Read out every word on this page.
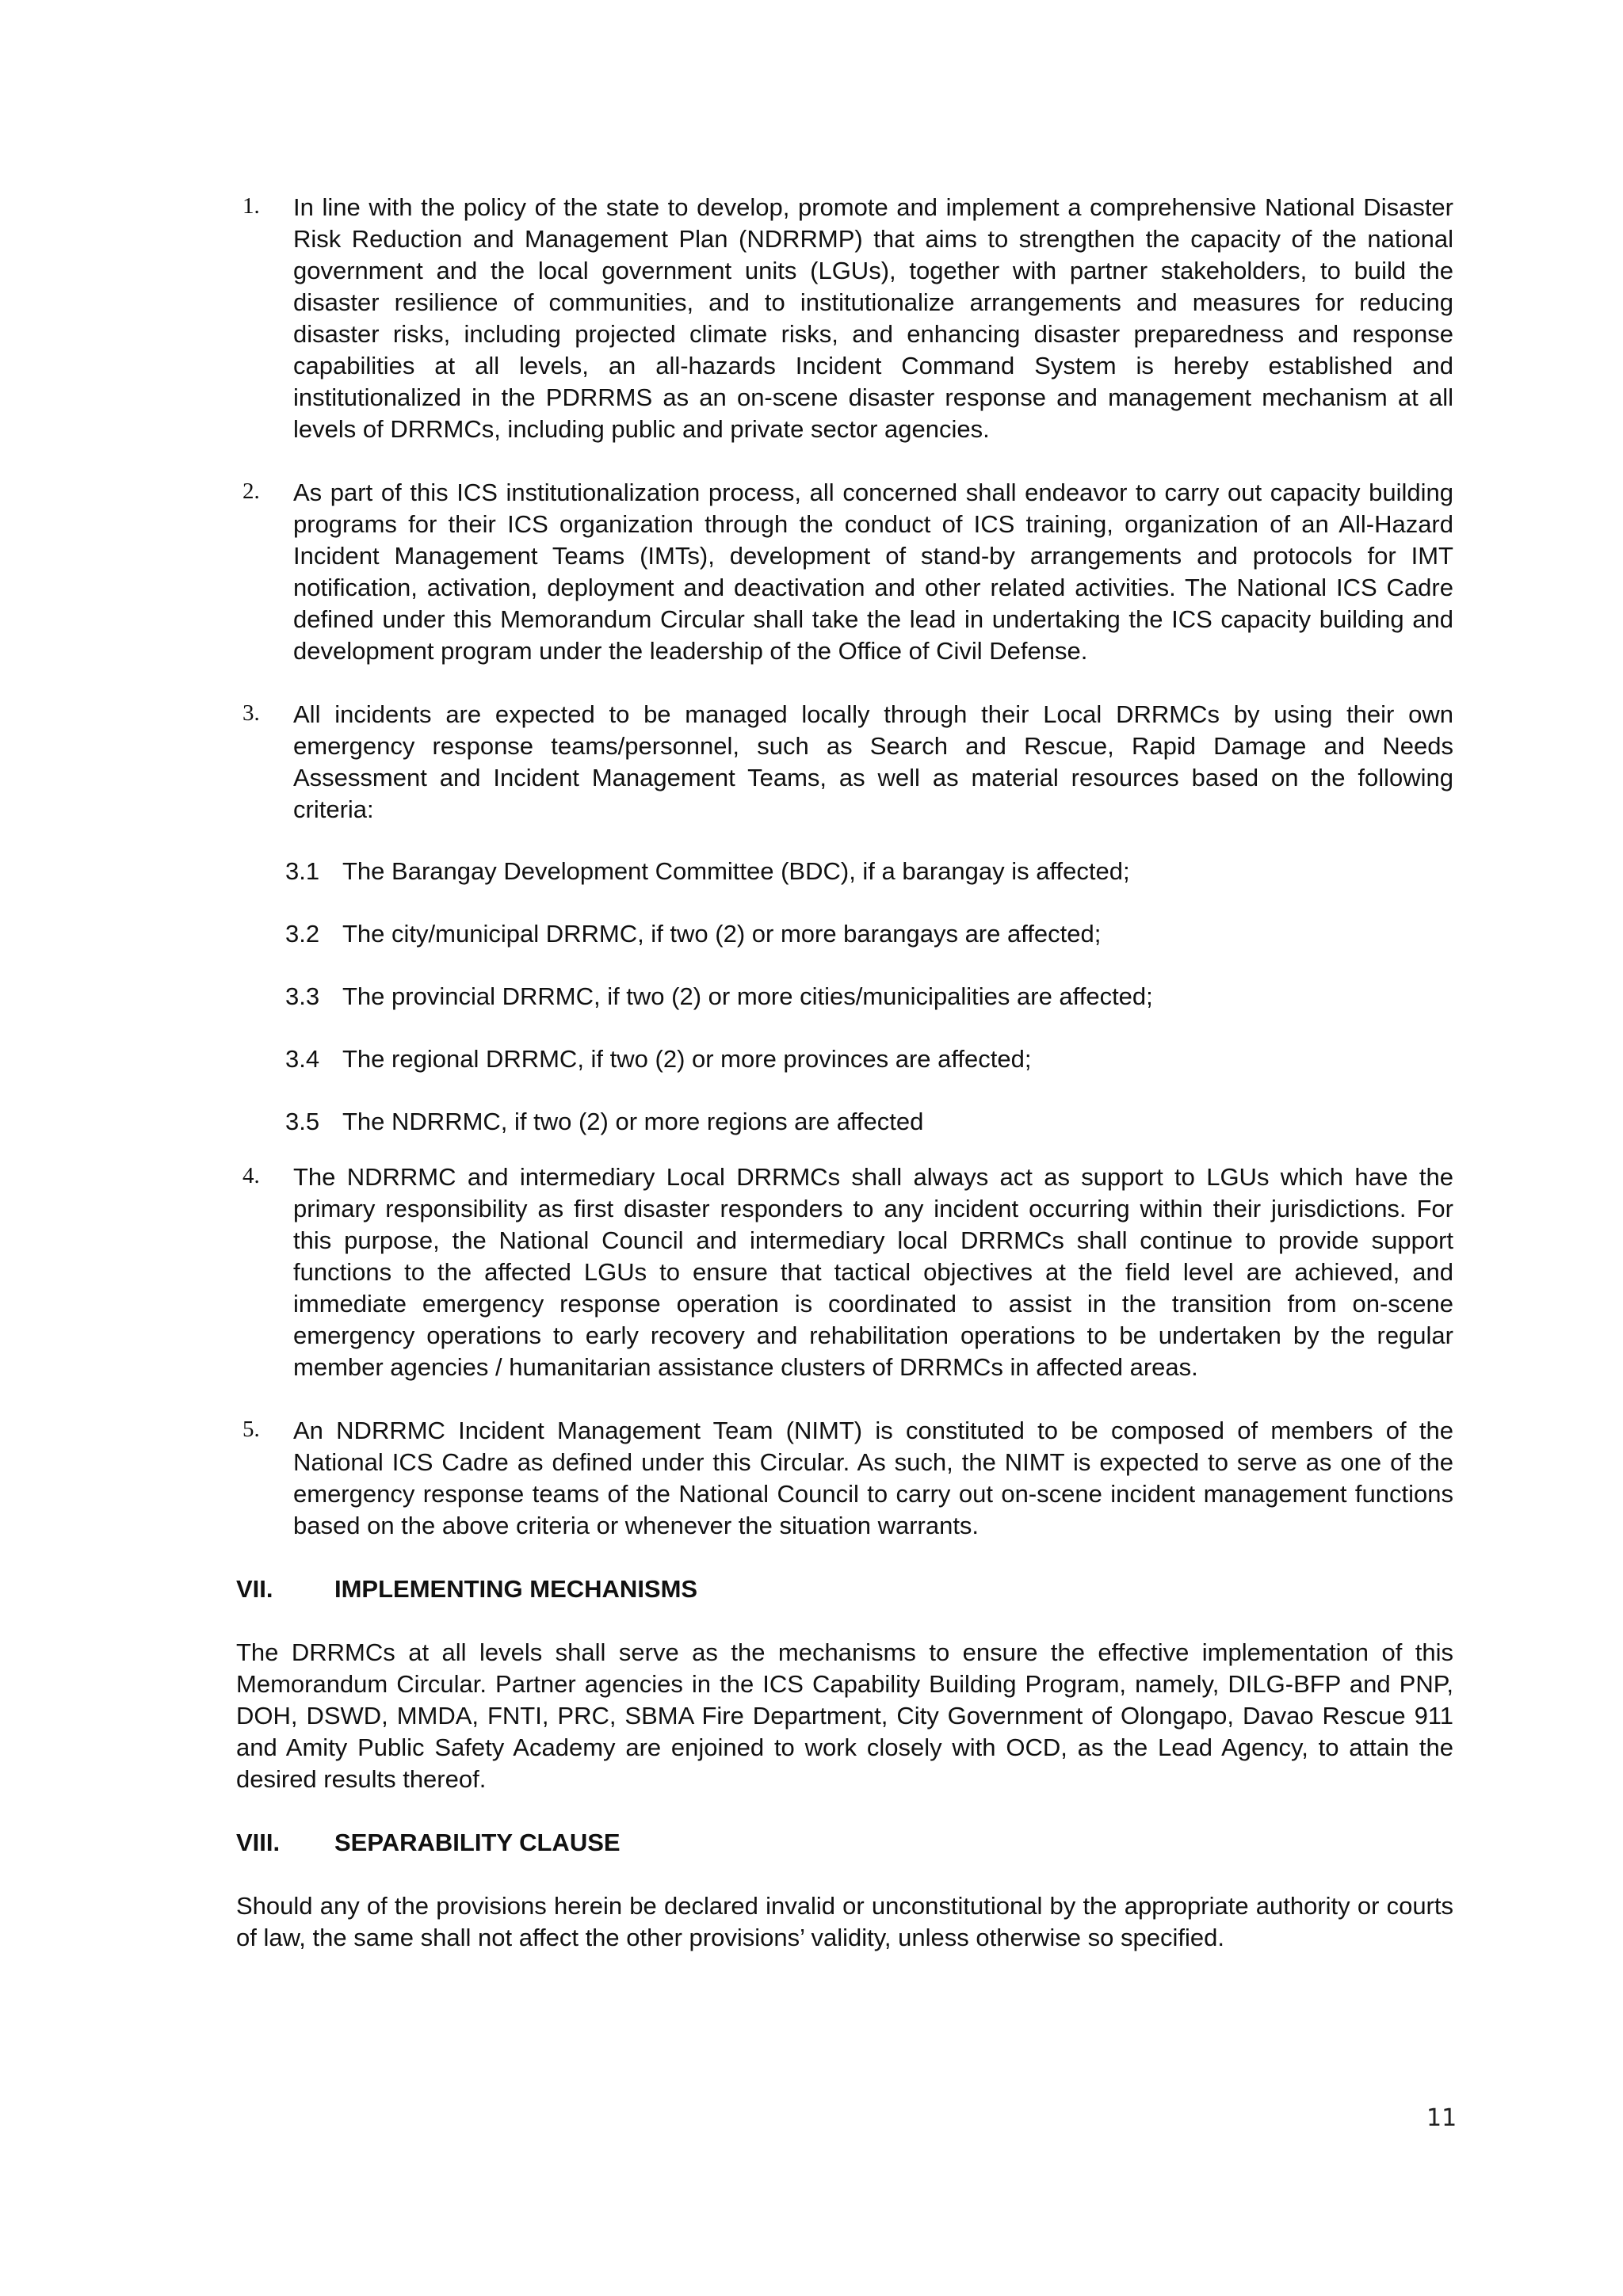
1. In line with the policy of the state to develop, promote and implement a comprehensive National Disaster Risk Reduction and Management Plan (NDRRMP) that aims to strengthen the capacity of the national government and the local government units (LGUs), together with partner stakeholders, to build the disaster resilience of communities, and to institutionalize arrangements and measures for reducing disaster risks, including projected climate risks, and enhancing disaster preparedness and response capabilities at all levels, an all-hazards Incident Command System is hereby established and institutionalized in the PDRRMS as an on-scene disaster response and management mechanism at all levels of DRRMCs, including public and private sector agencies.

2. As part of this ICS institutionalization process, all concerned shall endeavor to carry out capacity building programs for their ICS organization through the conduct of ICS training, organization of an All-Hazard Incident Management Teams (IMTs), development of stand-by arrangements and protocols for IMT notification, activation, deployment and deactivation and other related activities. The National ICS Cadre defined under this Memorandum Circular shall take the lead in undertaking the ICS capacity building and development program under the leadership of the Office of Civil Defense.

3. All incidents are expected to be managed locally through their Local DRRMCs by using their own emergency response teams/personnel, such as Search and Rescue, Rapid Damage and Needs Assessment and Incident Management Teams, as well as material resources based on the following criteria:

3.1 The Barangay Development Committee (BDC), if a barangay is affected;
3.2 The city/municipal DRRMC, if two (2) or more barangays are affected;
3.3 The provincial DRRMC, if two (2) or more cities/municipalities are affected;
3.4 The regional DRRMC, if two (2) or more provinces are affected;
3.5 The NDRRMC, if two (2) or more regions are affected
4. The NDRRMC and intermediary Local DRRMCs shall always act as support to LGUs which have the primary responsibility as first disaster responders to any incident occurring within their jurisdictions. For this purpose, the National Council and intermediary local DRRMCs shall continue to provide support functions to the affected LGUs to ensure that tactical objectives at the field level are achieved, and immediate emergency response operation is coordinated to assist in the transition from on-scene emergency operations to early recovery and rehabilitation operations to be undertaken by the regular member agencies / humanitarian assistance clusters of DRRMCs in affected areas.

5. An NDRRMC Incident Management Team (NIMT) is constituted to be composed of members of the National ICS Cadre as defined under this Circular. As such, the NIMT is expected to serve as one of the emergency response teams of the National Council to carry out on-scene incident management functions based on the above criteria or whenever the situation warrants.

VII. IMPLEMENTING MECHANISMS

The DRRMCs at all levels shall serve as the mechanisms to ensure the effective implementation of this Memorandum Circular. Partner agencies in the ICS Capability Building Program, namely, DILG-BFP and PNP, DOH, DSWD, MMDA, FNTI, PRC, SBMA Fire Department, City Government of Olongapo, Davao Rescue 911 and Amity Public Safety Academy are enjoined to work closely with OCD, as the Lead Agency, to attain the desired results thereof.

VIII. SEPARABILITY CLAUSE

Should any of the provisions herein be declared invalid or unconstitutional by the appropriate authority or courts of law, the same shall not affect the other provisions’ validity, unless otherwise so specified.

11
